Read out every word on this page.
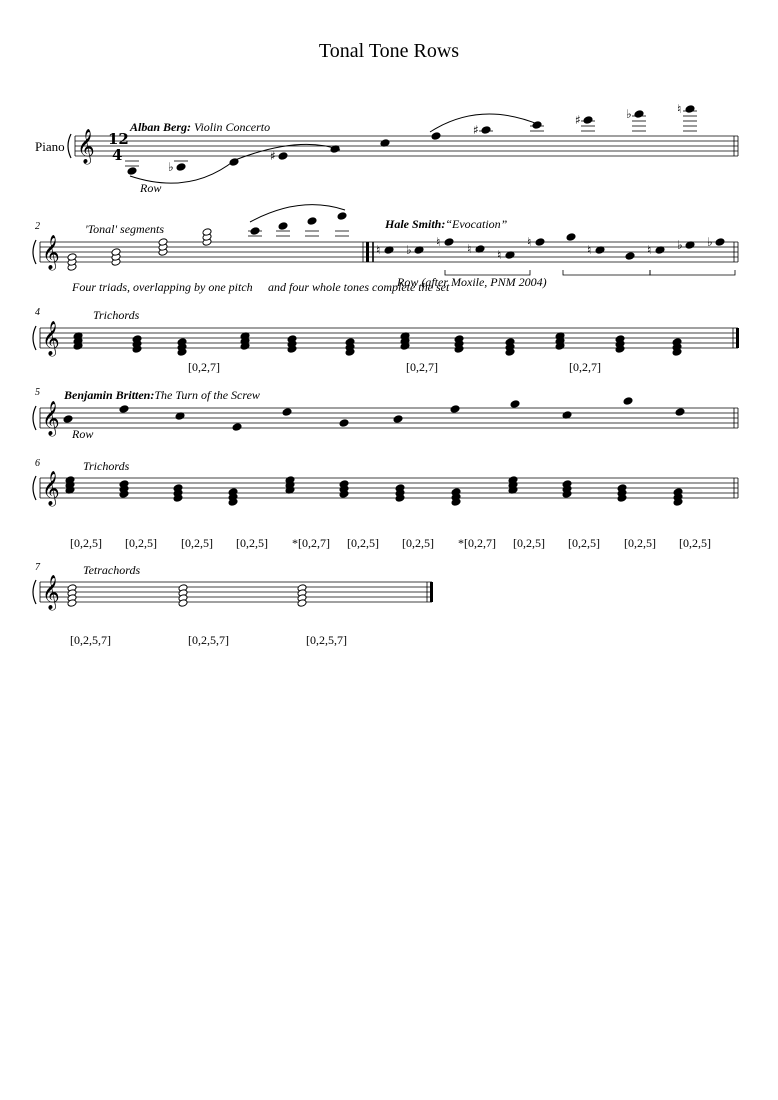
Tonal Tone Rows
Piano
Alban Berg: Violin Concerto
Row
2	'Tonal' segments	Hale Smith:“Evocation”
Four triads, overlapping by one pitch and four whole tones complete the set
Row (after Moxile, PNM 2004)
4	Trichords
[0,2,7]	[0,2,7]	[0,2,7]
5 Benjamin Britten:The Turn of the Screw
Row
6	Trichords
[0,2,5] [0,2,5] [0,2,5] [0,2,5] *[0,2,7] [0,2,5] [0,2,5] *[0,2,7] [0,2,5] [0,2,5] [0,2,5] [0,2,5]
7	Tetrachords
[0,2,5,7]	[0,2,5,7]	[0,2,5,7]
𝄞
𝄞
𝄞
𝄞
𝄞
𝄞
♭
♯
♯
♯	♭	♮
♮ ♭
♮ ♮ ♮
♮
♮	♮ ♭ ♭
12
4
